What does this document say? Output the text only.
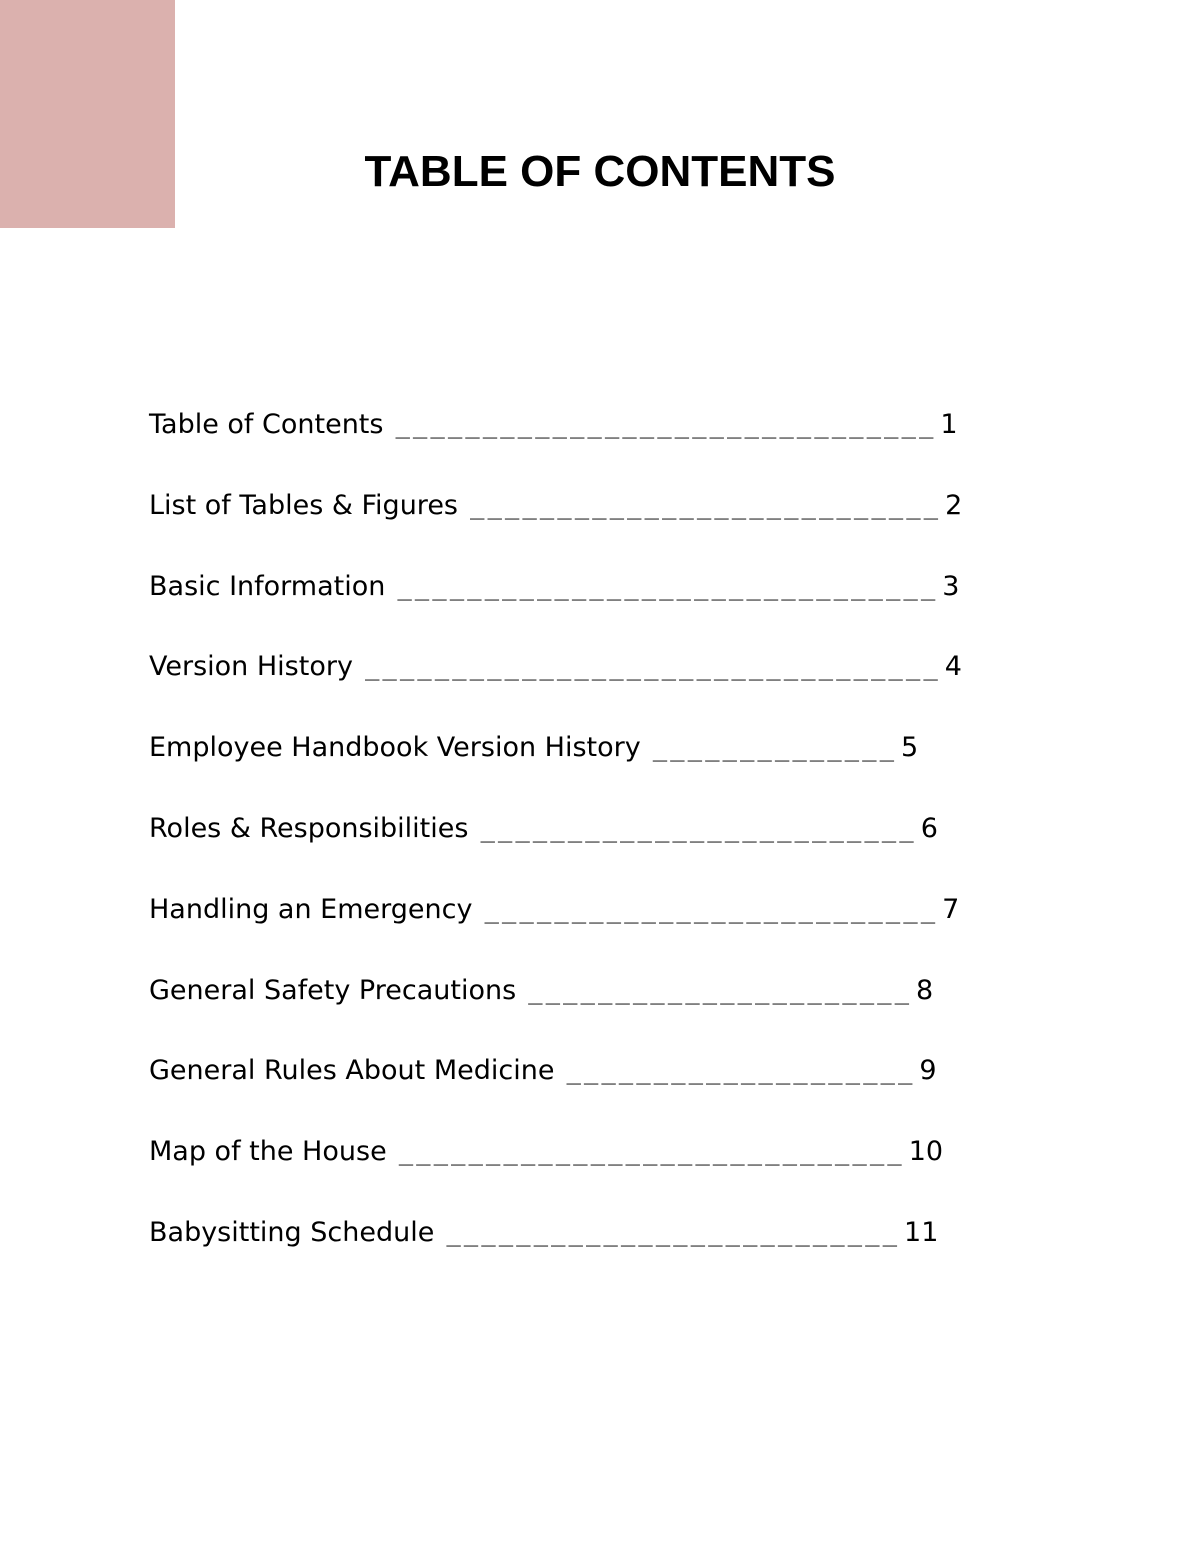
TABLE OF CONTENTS
Table of Contents _______________________________ 1
List of Tables & Figures ___________________________ 2
Basic Information _______________________________ 3
Version History _________________________________ 4
Employee Handbook Version History ______________ 5
Roles & Responsibilities _________________________ 6
Handling an Emergency __________________________ 7
General Safety Precautions ______________________ 8
General Rules About Medicine ____________________ 9
Map of the House _____________________________ 10
Babysitting Schedule __________________________ 11
